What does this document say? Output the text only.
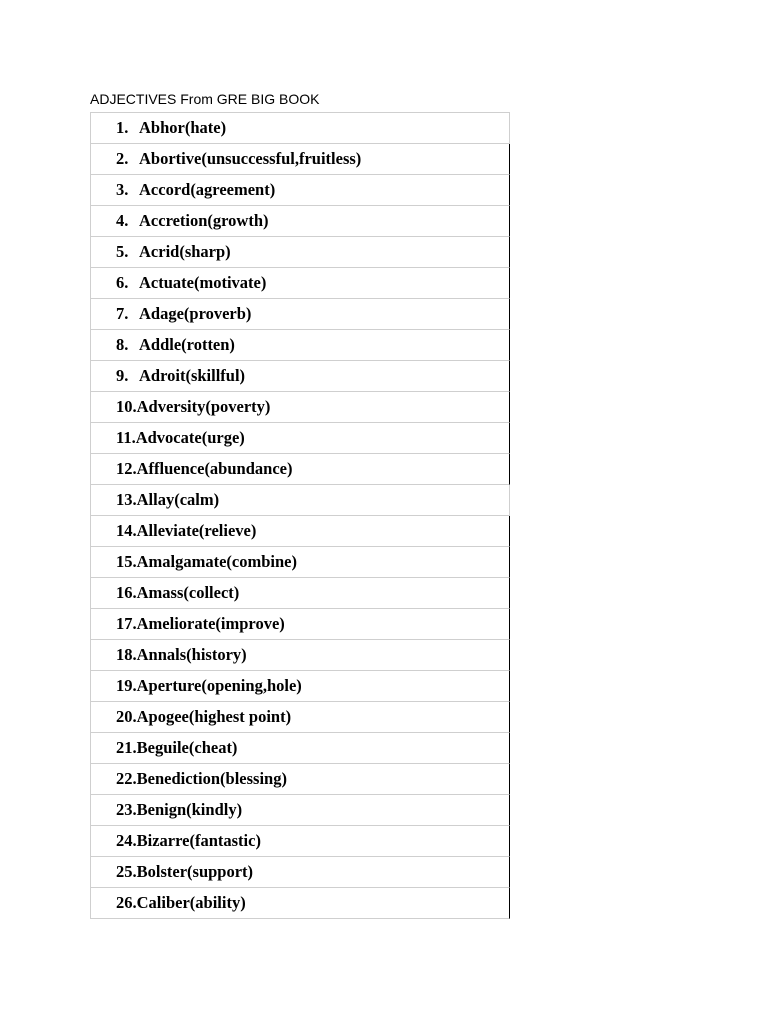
ADJECTIVES From GRE BIG BOOK
1. Abhor(hate)
2. Abortive(unsuccessful,fruitless)
3. Accord(agreement)
4. Accretion(growth)
5. Acrid(sharp)
6. Actuate(motivate)
7. Adage(proverb)
8. Addle(rotten)
9. Adroit(skillful)
10. Adversity(poverty)
11. Advocate(urge)
12. Affluence(abundance)
13. Allay(calm)
14. Alleviate(relieve)
15. Amalgamate(combine)
16. Amass(collect)
17. Ameliorate(improve)
18. Annals(history)
19. Aperture(opening,hole)
20. Apogee(highest point)
21. Beguile(cheat)
22. Benediction(blessing)
23. Benign(kindly)
24. Bizarre(fantastic)
25. Bolster(support)
26. Caliber(ability)
